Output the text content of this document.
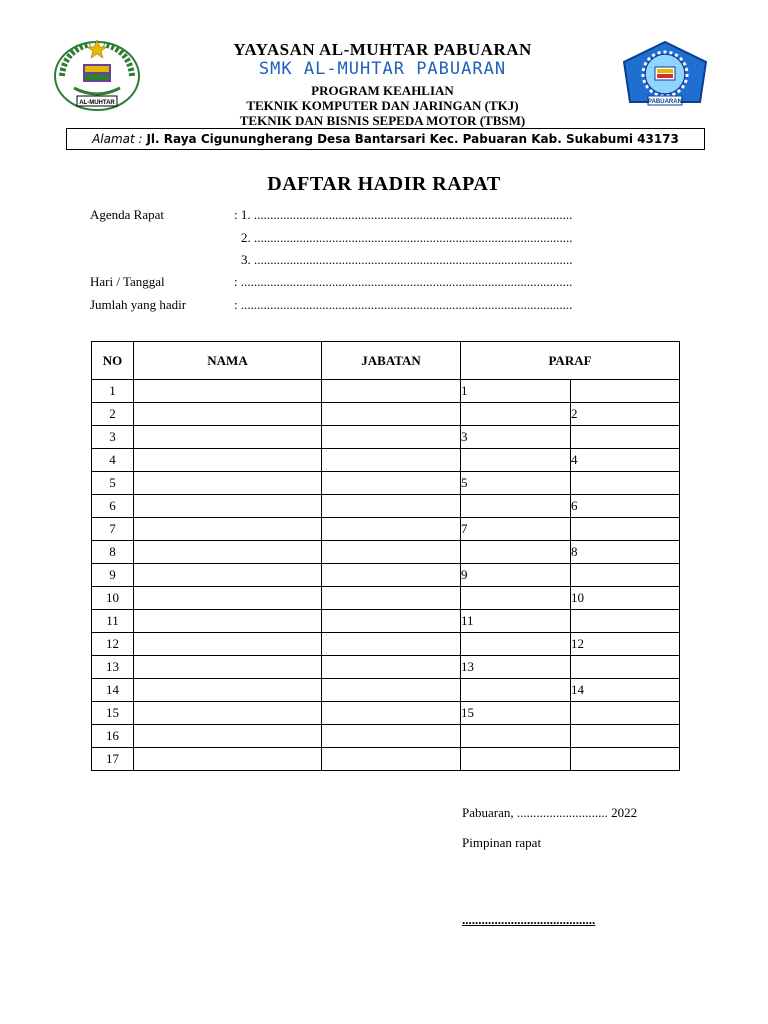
AL-MUHTAR	PABUARAN
YAYASAN AL-MUHTAR PABUARAN
SMK AL-MUHTAR PABUARAN
PROGRAM KEAHLIAN
TEKNIK KOMPUTER DAN JARINGAN (TKJ)
TEKNIK DAN BISNIS SEPEDA MOTOR (TBSM)
Alamat : Jl. Raya Cigunungherang Desa Bantarsari Kec. Pabuaran Kab. Sukabumi 43173
DAFTAR HADIR RAPAT
Agenda Rapat	: 1. ..................................................................................................
2. ..................................................................................................
3. ..................................................................................................
Hari / Tanggal	: ......................................................................................................
Jumlah yang hadir	: ......................................................................................................
NO	NAMA	JABATAN	PARAF	
1			1	
2				2
3			3	
4				4
5			5	
6				6
7			7	
8				8
9			9	
10				10
11			11	
12				12
13			13	
14				14
15			15	
16				
17				
Pabuaran, ............................ 2022
Pimpinan rapat
.........................................
